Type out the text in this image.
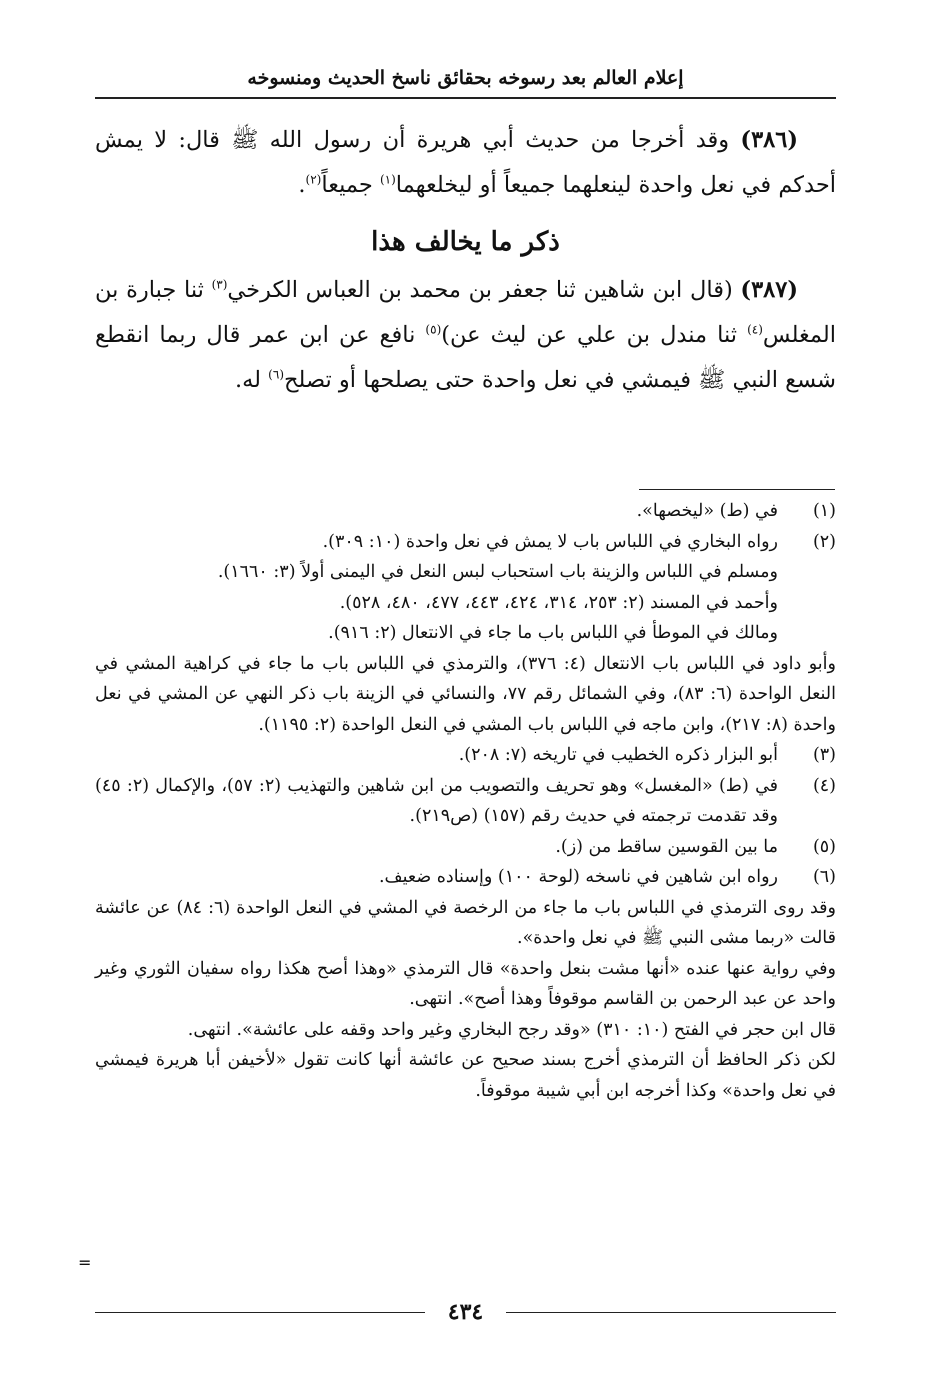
إعلام العالم بعد رسوخه بحقائق ناسخ الحديث ومنسوخه

(٣٨٦) وقد أخرجا من حديث أبي هريرة أن رسول الله ﷺ قال: لا يمش أحدكم في نعل واحدة لينعلهما جميعاً أو ليخلعهما$^{(١)}$ جميعاً$^{(٢)}$.

ذكر ما يخالف هذا

(٣٨٧) (قال ابن شاهين ثنا جعفر بن محمد بن العباس الكرخي$^{(٣)}$ ثنا جبارة بن المغلس$^{(٤)}$ ثنا مندل بن علي عن ليث عن)$^{(٥)}$ نافع عن ابن عمر قال ربما انقطع شسع النبي ﷺ فيمشي في نعل واحدة حتى يصلحها أو تصلح$^{(٦)}$ له.

(١)
في (ط) «ليخصها».
(٢)
رواه البخاري في اللباس باب لا يمش في نعل واحدة (١٠: ٣٠٩).
ومسلم في اللباس والزينة باب استحباب لبس النعل في اليمنى أولاً (٣: ١٦٦٠).
وأحمد في المسند (٢: ٢٥٣، ٣١٤، ٤٢٤، ٤٤٣، ٤٧٧، ٤٨٠، ٥٢٨).
ومالك في الموطأ في اللباس باب ما جاء في الانتعال (٢: ٩١٦).
وأبو داود في اللباس باب الانتعال (٤: ٣٧٦)، والترمذي في اللباس باب ما جاء في كراهية المشي في النعل الواحدة (٦: ٨٣)، وفي الشمائل رقم ٧٧، والنسائي في الزينة باب ذكر النهي عن المشي في نعل واحدة (٨: ٢١٧)، وابن ماجه في اللباس باب المشي في النعل الواحدة (٢: ١١٩٥).
(٣)
أبو البزار ذكره الخطيب في تاريخه (٧: ٢٠٨).
(٤)
في (ط) «المغسل» وهو تحريف والتصويب من ابن شاهين والتهذيب (٢: ٥٧)، والإكمال (٢: ٤٥) وقد تقدمت ترجمته في حديث رقم (١٥٧) (ص٢١٩).
(٥)
ما بين القوسين ساقط من (ز).
(٦)
رواه ابن شاهين في ناسخه (لوحة ١٠٠) وإسناده ضعيف.
وقد روى الترمذي في اللباس باب ما جاء من الرخصة في المشي في النعل الواحدة (٦: ٨٤) عن عائشة قالت «ربما مشى النبي ﷺ في نعل واحدة».
وفي رواية عنها عنده «أنها مشت بنعل واحدة» قال الترمذي «وهذا أصح هكذا رواه سفيان الثوري وغير واحد عن عبد الرحمن بن القاسم موقوفاً وهذا أصح». انتهى.
قال ابن حجر في الفتح (١٠: ٣١٠) «وقد رجح البخاري وغير واحد وقفه على عائشة». انتهى.
لكن ذكر الحافظ أن الترمذي أخرج بسند صحيح عن عائشة أنها كانت تقول «لأخيفن أبا هريرة فيمشي في نعل واحدة» وكذا أخرجه ابن أبي شيبة موقوفاً.
=
٤٣٤
